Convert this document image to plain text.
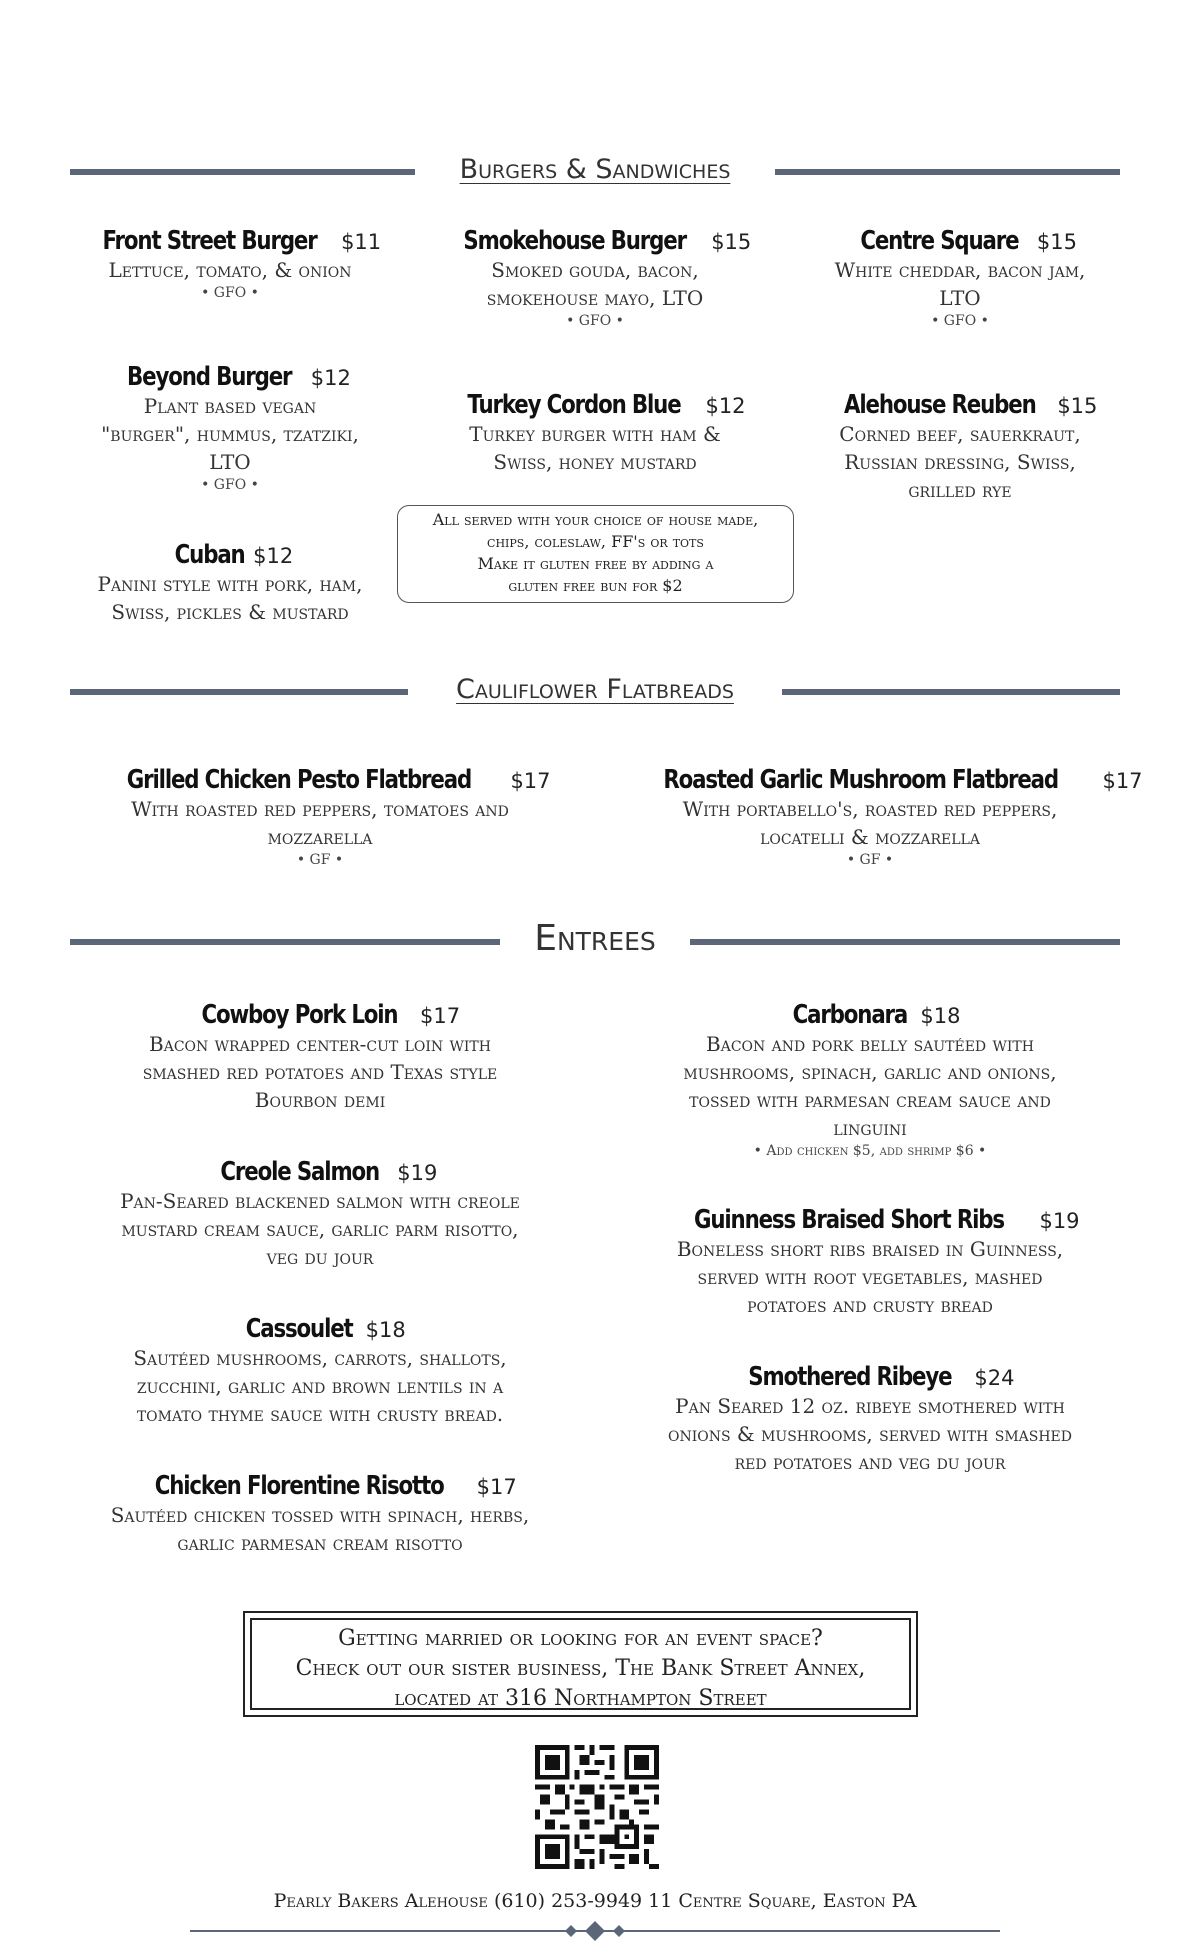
Burgers & Sandwiches
Front Street Burger $11
Lettuce, tomato, & onion
• GFO •
Smokehouse Burger $15
Smoked gouda, bacon,
smokehouse mayo, LTO
• GFO •
Centre Square $15
White cheddar, bacon jam,
LTO
• GFO •
Beyond Burger $12
Plant based vegan
"burger", hummus, tzatziki,
LTO
• GFO •
Turkey Cordon Blue $12
Turkey burger with ham &
Swiss, honey mustard
Alehouse Reuben $15
Corned beef, sauerkraut,
Russian dressing, Swiss,
grilled rye
All served with your choice of house made,
chips, coleslaw, FF's or tots
Make it gluten free by adding a
gluten free bun for $2
Cuban $12
Panini style with pork, ham,
Swiss, pickles & mustard
Cauliflower Flatbreads
Grilled Chicken Pesto Flatbread $17
With roasted red peppers, tomatoes and
mozzarella
• GF •
Roasted Garlic Mushroom Flatbread $17
With portabello's, roasted red peppers,
locatelli & mozzarella
• GF •
Entrees
Cowboy Pork Loin $17
Bacon wrapped center-cut loin with
smashed red potatoes and Texas style
Bourbon demi
Carbonara $18
Bacon and pork belly sautéed with
mushrooms, spinach, garlic and onions,
tossed with parmesan cream sauce and
linguini
• Add chicken $5, add shrimp $6 •
Creole Salmon $19
Pan-Seared blackened salmon with creole
mustard cream sauce, garlic parm risotto,
veg du jour
Guinness Braised Short Ribs $19
Boneless short ribs braised in Guinness,
served with root vegetables, mashed
potatoes and crusty bread
Cassoulet $18
Sautéed mushrooms, carrots, shallots,
zucchini, garlic and brown lentils in a
tomato thyme sauce with crusty bread.
Smothered Ribeye $24
Pan Seared 12 oz. ribeye smothered with
onions & mushrooms, served with smashed
red potatoes and veg du jour
Chicken Florentine Risotto $17
Sautéed chicken tossed with spinach, herbs,
garlic parmesan cream risotto
Getting married or looking for an event space?
Check out our sister business, The Bank Street Annex,
located at 316 Northampton Street
Pearly Bakers Alehouse (610) 253-9949 11 Centre Square, Easton PA
